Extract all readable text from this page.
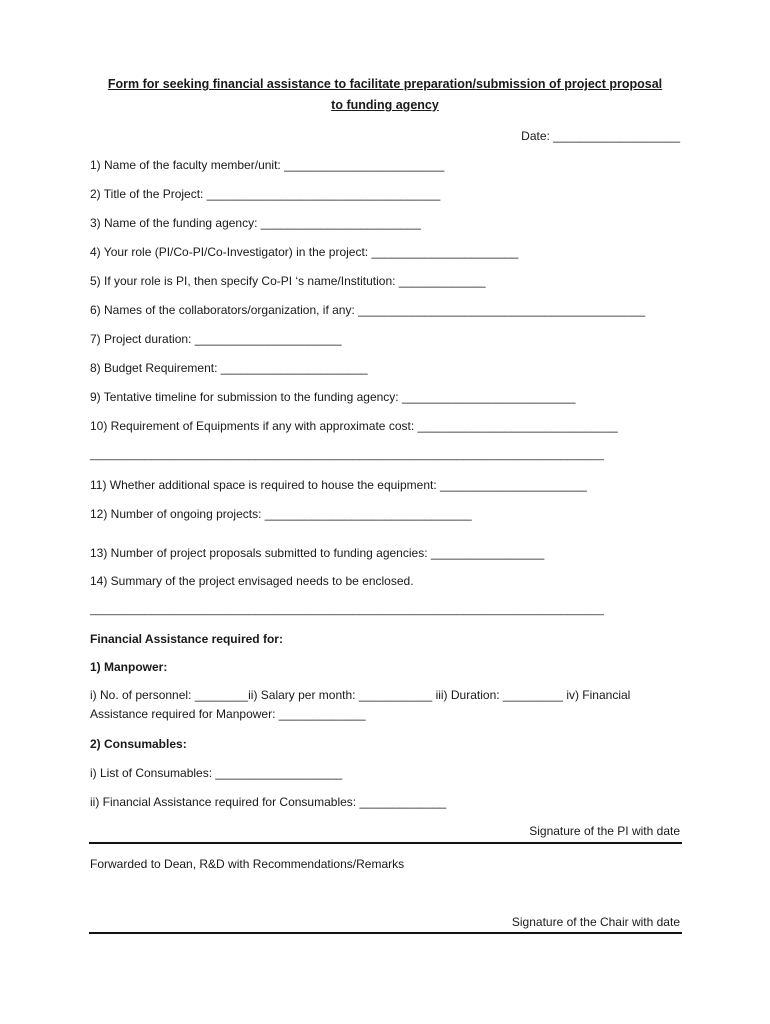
Form for seeking financial assistance to facilitate preparation/submission of project proposal
to funding agency
Date: ___________________
1) Name of the faculty member/unit: ________________________
2) Title of the Project: ___________________________________
3) Name of the funding agency: ________________________
4) Your role (PI/Co-PI/Co-Investigator) in the project: ______________________
5) If your role is PI, then specify Co-PI ‘s name/Institution: _____________
6) Names of the collaborators/organization, if any: ___________________________________________
7) Project duration: ______________________
8) Budget Requirement: ______________________
9) Tentative timeline for submission to the funding agency: __________________________
10) Requirement of Equipments if any with approximate cost: ______________________________
____________________________________________________________________________________
11) Whether additional space is required to house the equipment: ______________________
12) Number of ongoing projects: _______________________________
13) Number of project proposals submitted to funding agencies: _________________
14) Summary of the project envisaged needs to be enclosed.
____________________________________________________________________________________
Financial Assistance required for:
1) Manpower:
i) No. of personnel: ________ii) Salary per month: ___________ iii) Duration: _________ iv) Financial Assistance required for Manpower: _____________
2) Consumables:
i) List of Consumables: ___________________
ii) Financial Assistance required for Consumables: _____________
Signature of the PI with date
Forwarded to Dean, R&D with Recommendations/Remarks
Signature of the Chair with date
